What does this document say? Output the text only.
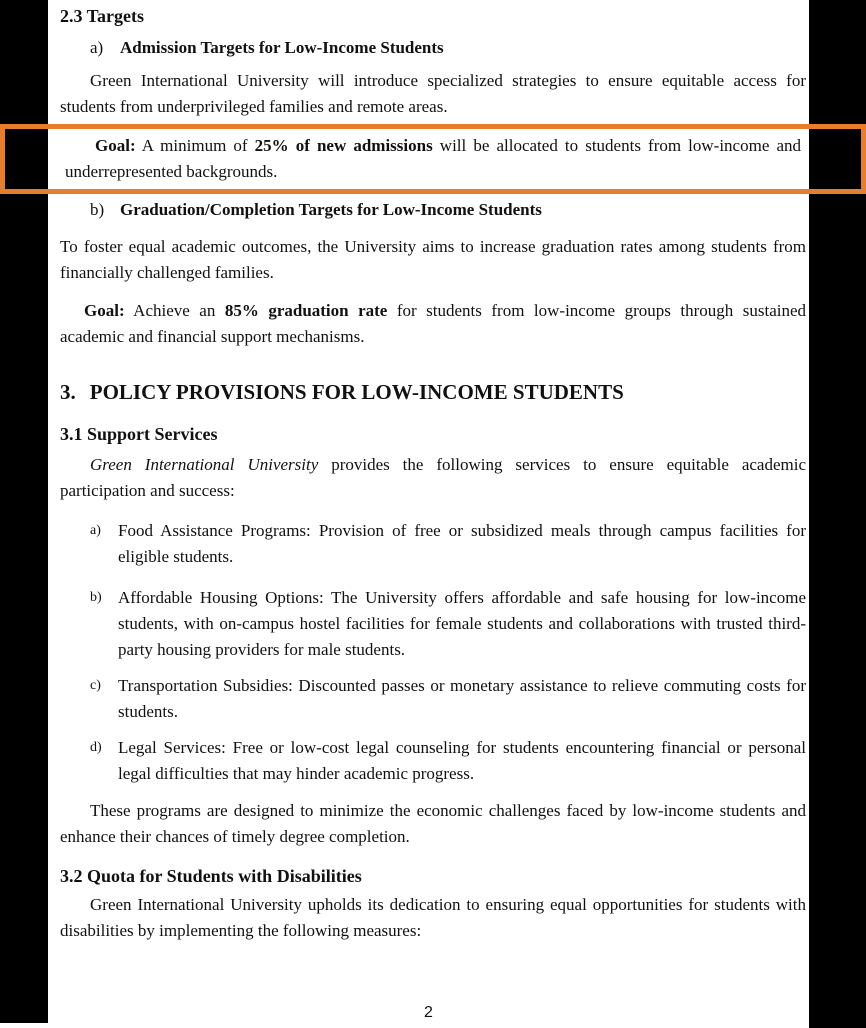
2.3 Targets

a) Admission Targets for Low-Income Students

Green International University will introduce specialized strategies to ensure equitable access for students from underprivileged families and remote areas.

Goal: A minimum of 25% of new admissions will be allocated to students from low-income and underrepresented backgrounds.

b) Graduation/Completion Targets for Low-Income Students

To foster equal academic outcomes, the University aims to increase graduation rates among students from financially challenged families.

Goal: Achieve an 85% graduation rate for students from low-income groups through sustained academic and financial support mechanisms.

3. POLICY PROVISIONS FOR LOW-INCOME STUDENTS

3.1 Support Services

Green International University provides the following services to ensure equitable academic participation and success:

a) Food Assistance Programs: Provision of free or subsidized meals through campus facilities for eligible students.
b) Affordable Housing Options: The University offers affordable and safe housing for low-income students, with on-campus hostel facilities for female students and collaborations with trusted third-party housing providers for male students.
c) Transportation Subsidies: Discounted passes or monetary assistance to relieve commuting costs for students.
d) Legal Services: Free or low-cost legal counseling for students encountering financial or personal legal difficulties that may hinder academic progress.

These programs are designed to minimize the economic challenges faced by low-income students and enhance their chances of timely degree completion.

3.2 Quota for Students with Disabilities

Green International University upholds its dedication to ensuring equal opportunities for students with disabilities by implementing the following measures:

2
